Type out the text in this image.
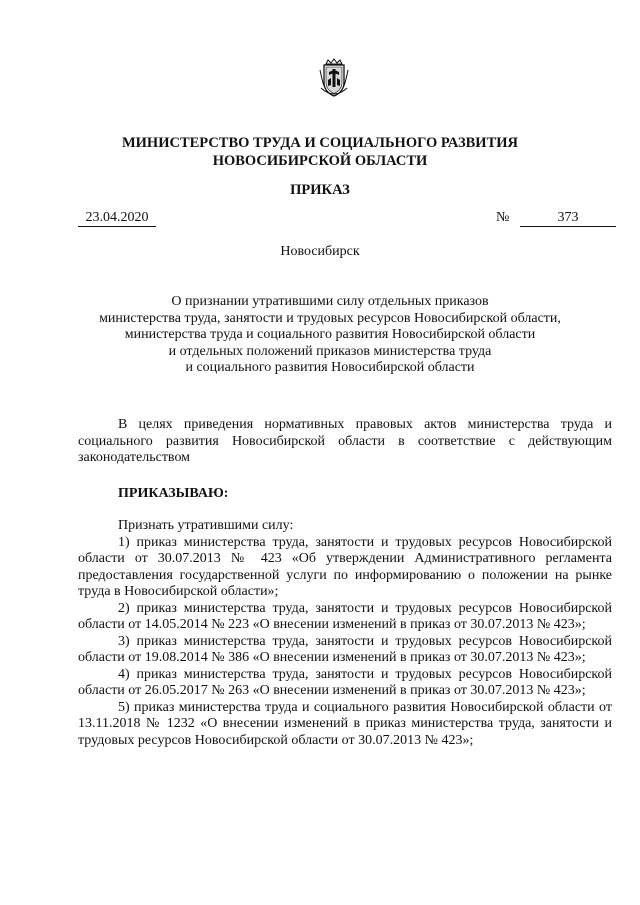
МИНИСТЕРСТВО ТРУДА И СОЦИАЛЬНОГО РАЗВИТИЯ
НОВОСИБИРСКОЙ ОБЛАСТИ
ПРИКАЗ
23.04.2020	№	373
Новосибирск
О признании утратившими силу отдельных приказов
министерства труда, занятости и трудовых ресурсов Новосибирской области,
министерства труда и социального развития Новосибирской области
и отдельных положений приказов министерства труда
и социального развития Новосибирской области
В целях приведения нормативных правовых актов министерства труда и социального развития Новосибирской области в соответствие с действующим законодательством
ПРИКАЗЫВАЮ:

Признать утратившими силу:

1) приказ министерства труда, занятости и трудовых ресурсов Новосибирской области от 30.07.2013 № 423 «Об утверждении Административного регламента предоставления государственной услуги по информированию о положении на рынке труда в Новосибирской области»;

2) приказ министерства труда, занятости и трудовых ресурсов Новосибирской области от 14.05.2014 № 223 «О внесении изменений в приказ от 30.07.2013 № 423»;

3) приказ министерства труда, занятости и трудовых ресурсов Новосибирской области от 19.08.2014 № 386 «О внесении изменений в приказ от 30.07.2013 № 423»;

4) приказ министерства труда, занятости и трудовых ресурсов Новосибирской области от 26.05.2017 № 263 «О внесении изменений в приказ от 30.07.2013 № 423»;

5) приказ министерства труда и социального развития Новосибирской области от 13.11.2018 № 1232 «О внесении изменений в приказ министерства труда, занятости и трудовых ресурсов Новосибирской области от 30.07.2013 № 423»;
